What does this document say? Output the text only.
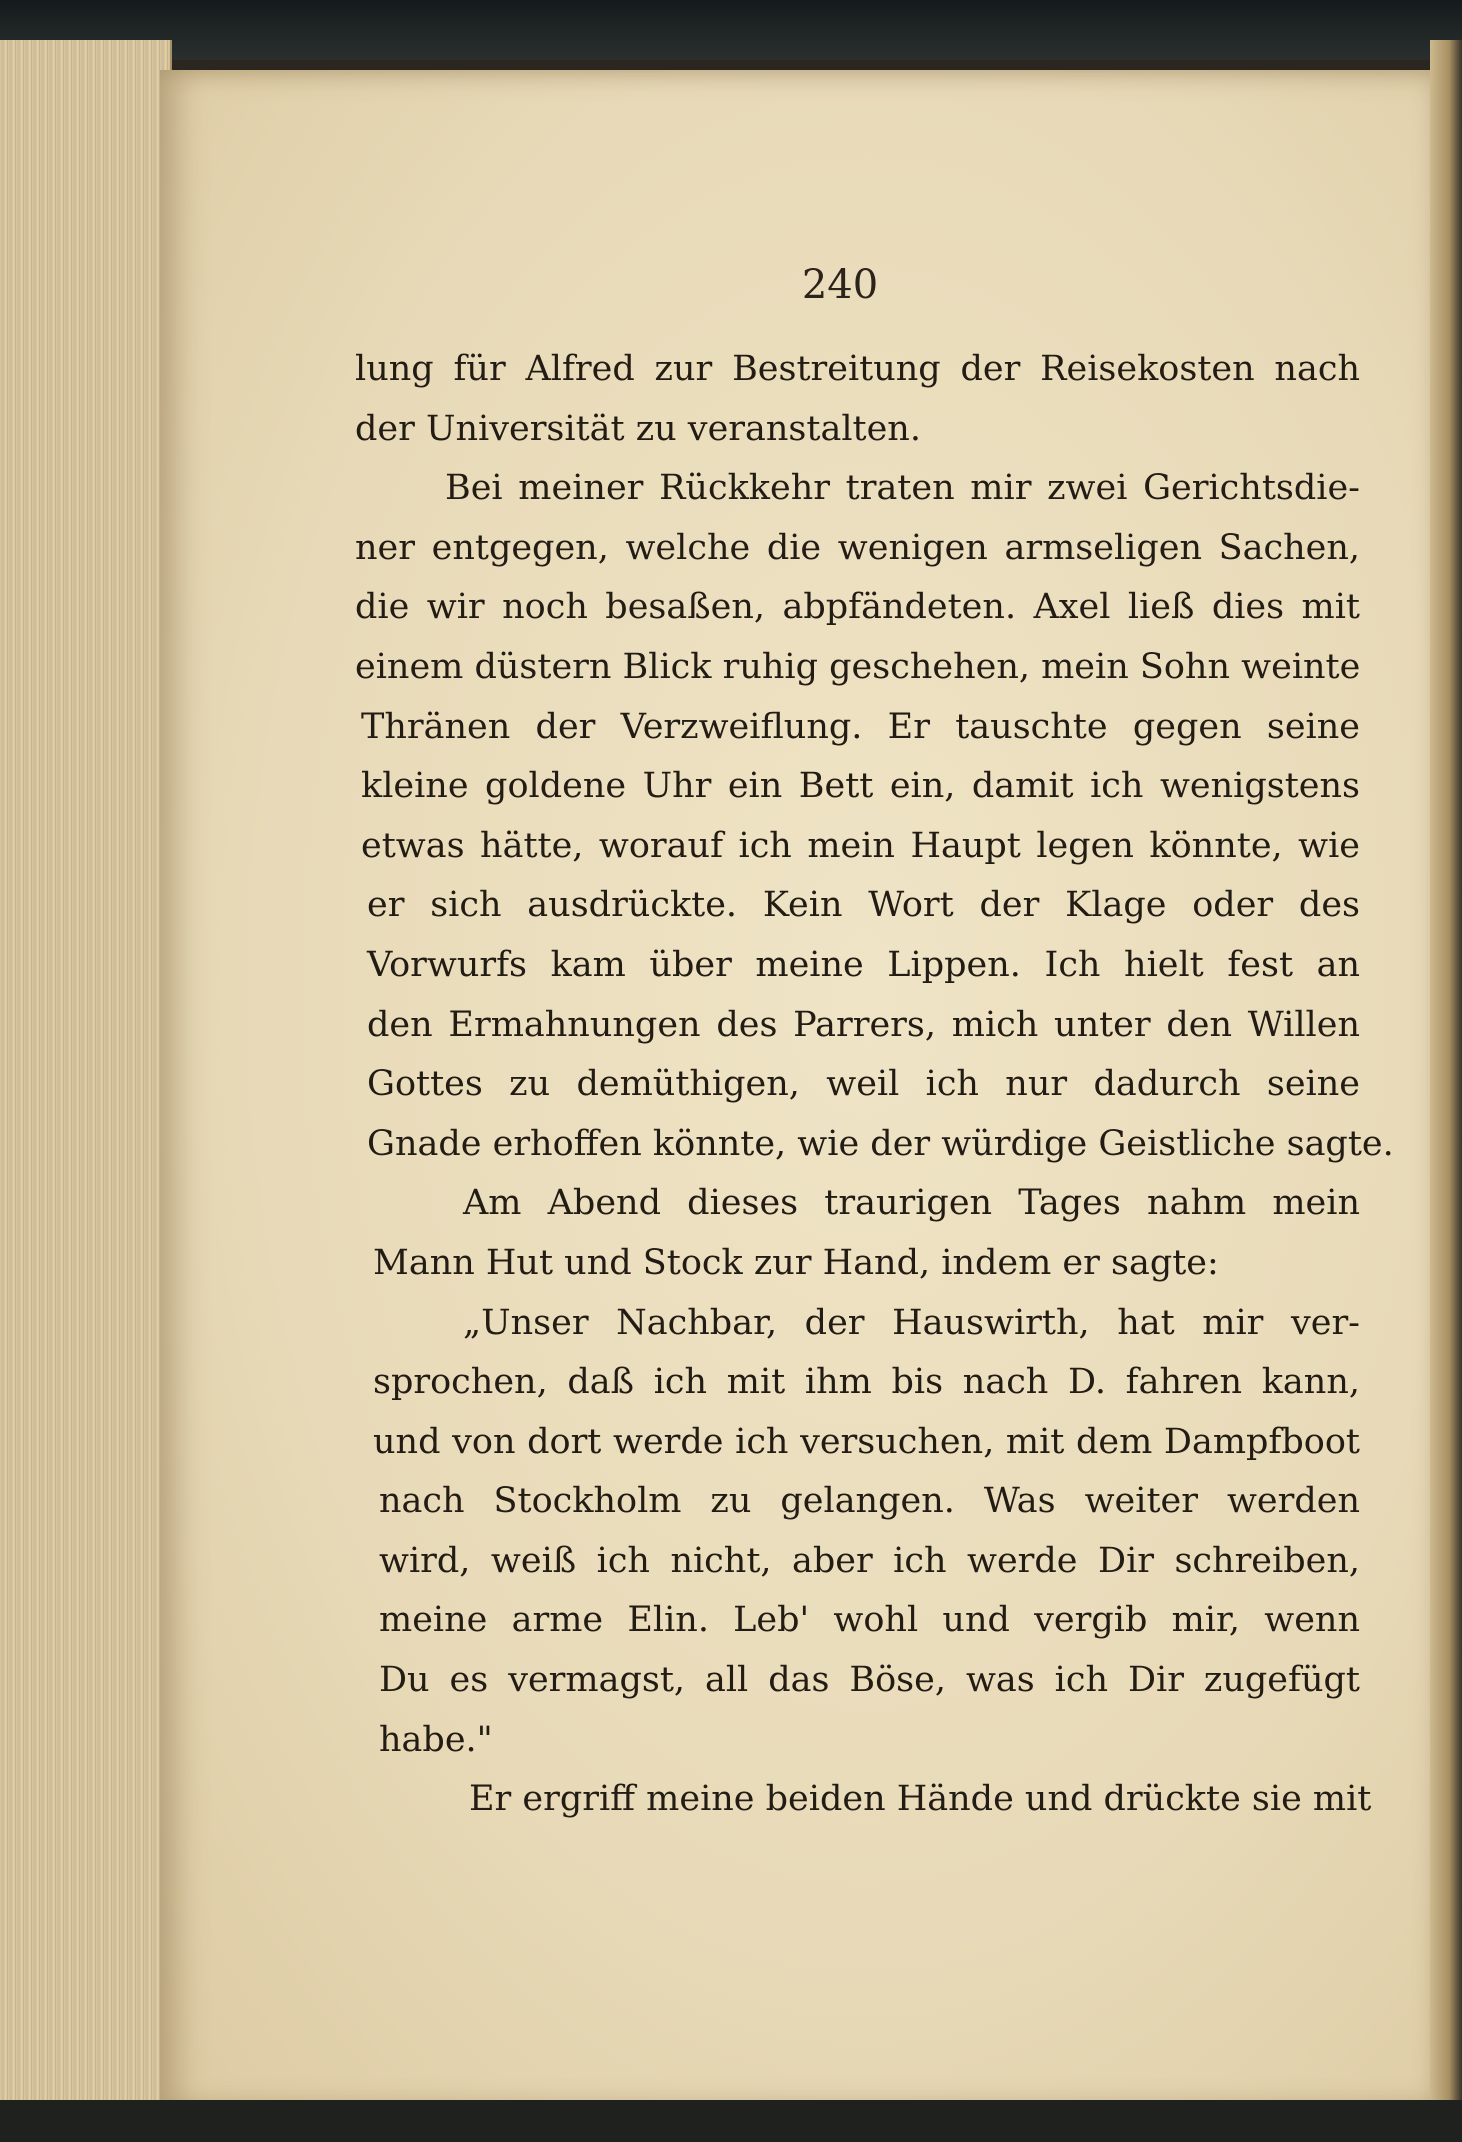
240
lung für Alfred zur Bestreitung der Reisekosten nach
der Universität zu veranstalten.
Bei meiner Rückkehr traten mir zwei Gerichtsdie-
ner entgegen, welche die wenigen armseligen Sachen,
die wir noch besaßen, abpfändeten. Axel ließ dies mit
einem düstern Blick ruhig geschehen, mein Sohn weinte
Thränen der Verzweiflung. Er tauschte gegen seine
kleine goldene Uhr ein Bett ein, damit ich wenigstens
etwas hätte, worauf ich mein Haupt legen könnte, wie
er sich ausdrückte. Kein Wort der Klage oder des
Vorwurfs kam über meine Lippen. Ich hielt fest an
den Ermahnungen des Parrers, mich unter den Willen
Gottes zu demüthigen, weil ich nur dadurch seine
Gnade erhoffen könnte, wie der würdige Geistliche sagte.
Am Abend dieses traurigen Tages nahm mein
Mann Hut und Stock zur Hand, indem er sagte:
„Unser Nachbar, der Hauswirth, hat mir ver-
sprochen, daß ich mit ihm bis nach D. fahren kann,
und von dort werde ich versuchen, mit dem Dampfboot
nach Stockholm zu gelangen. Was weiter werden
wird, weiß ich nicht, aber ich werde Dir schreiben,
meine arme Elin. Leb' wohl und vergib mir, wenn
Du es vermagst, all das Böse, was ich Dir zugefügt
habe."
Er ergriff meine beiden Hände und drückte sie mit
